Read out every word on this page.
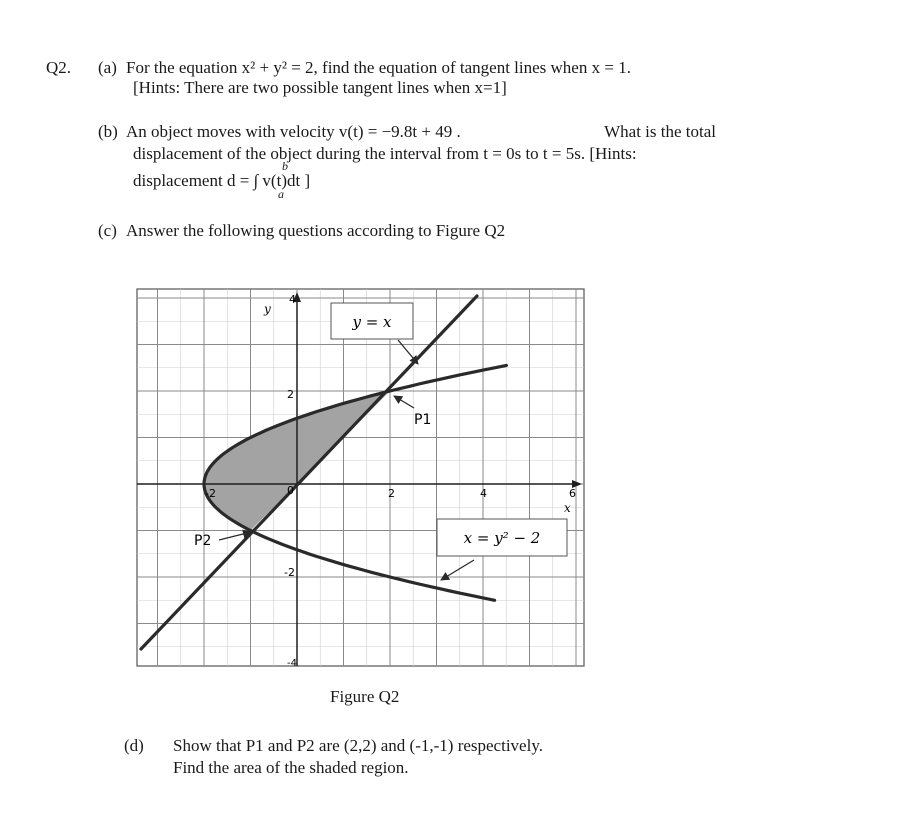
Q2. (a) For the equation x² + y² = 2, find the equation of tangent lines when x = 1.
[Hints: There are two possible tangent lines when x=1]
(b) An object moves with velocity v(t) = −9.8t + 49 .	What is the total
displacement of the object during the interval from t = 0s to t = 5s. [Hints:
displacement d = ∫ v(t)dt ]
b
a
(c) Answer the following questions according to Figure Q2
-2	2	4	6
x
y
4
2
0
-2
-4
y = x
P1
P2	x = y² − 2
Figure Q2
(d) Show that P1 and P2 are (2,2) and (-1,-1) respectively.
Find the area of the shaded region.
